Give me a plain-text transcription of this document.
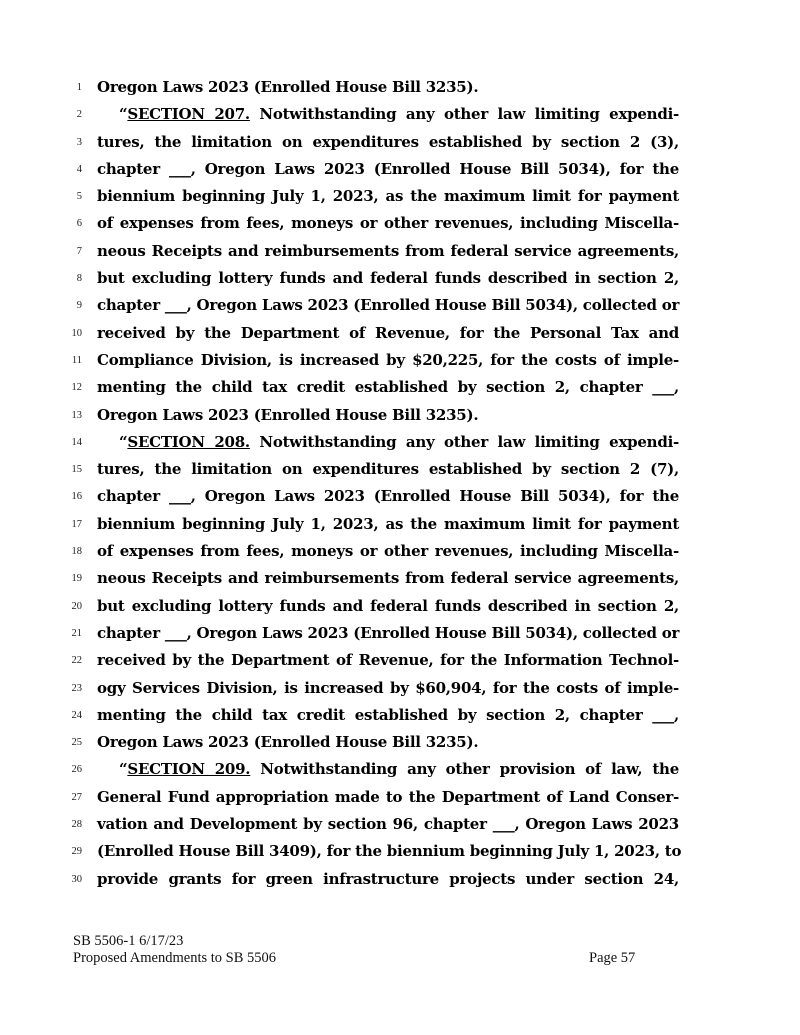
1 Oregon Laws 2023 (Enrolled House Bill 3235).
2 “SECTION 207. Notwithstanding any other law limiting expendi-
3 tures, the limitation on expenditures established by section 2 (3),
4 chapter ___, Oregon Laws 2023 (Enrolled House Bill 5034), for the
5 biennium beginning July 1, 2023, as the maximum limit for payment
6 of expenses from fees, moneys or other revenues, including Miscella-
7 neous Receipts and reimbursements from federal service agreements,
8 but excluding lottery funds and federal funds described in section 2,
9 chapter ___, Oregon Laws 2023 (Enrolled House Bill 5034), collected or
10 received by the Department of Revenue, for the Personal Tax and
11 Compliance Division, is increased by $20,225, for the costs of imple-
12 menting the child tax credit established by section 2, chapter ___,
13 Oregon Laws 2023 (Enrolled House Bill 3235).
14 “SECTION 208. Notwithstanding any other law limiting expendi-
15 tures, the limitation on expenditures established by section 2 (7),
16 chapter ___, Oregon Laws 2023 (Enrolled House Bill 5034), for the
17 biennium beginning July 1, 2023, as the maximum limit for payment
18 of expenses from fees, moneys or other revenues, including Miscella-
19 neous Receipts and reimbursements from federal service agreements,
20 but excluding lottery funds and federal funds described in section 2,
21 chapter ___, Oregon Laws 2023 (Enrolled House Bill 5034), collected or
22 received by the Department of Revenue, for the Information Technol-
23 ogy Services Division, is increased by $60,904, for the costs of imple-
24 menting the child tax credit established by section 2, chapter ___,
25 Oregon Laws 2023 (Enrolled House Bill 3235).
26 “SECTION 209. Notwithstanding any other provision of law, the
27 General Fund appropriation made to the Department of Land Conser-
28 vation and Development by section 96, chapter ___, Oregon Laws 2023
29 (Enrolled House Bill 3409), for the biennium beginning July 1, 2023, to
30 provide grants for green infrastructure projects under section 24,
SB 5506-1 6/17/23
Proposed Amendments to SB 5506	Page 57
